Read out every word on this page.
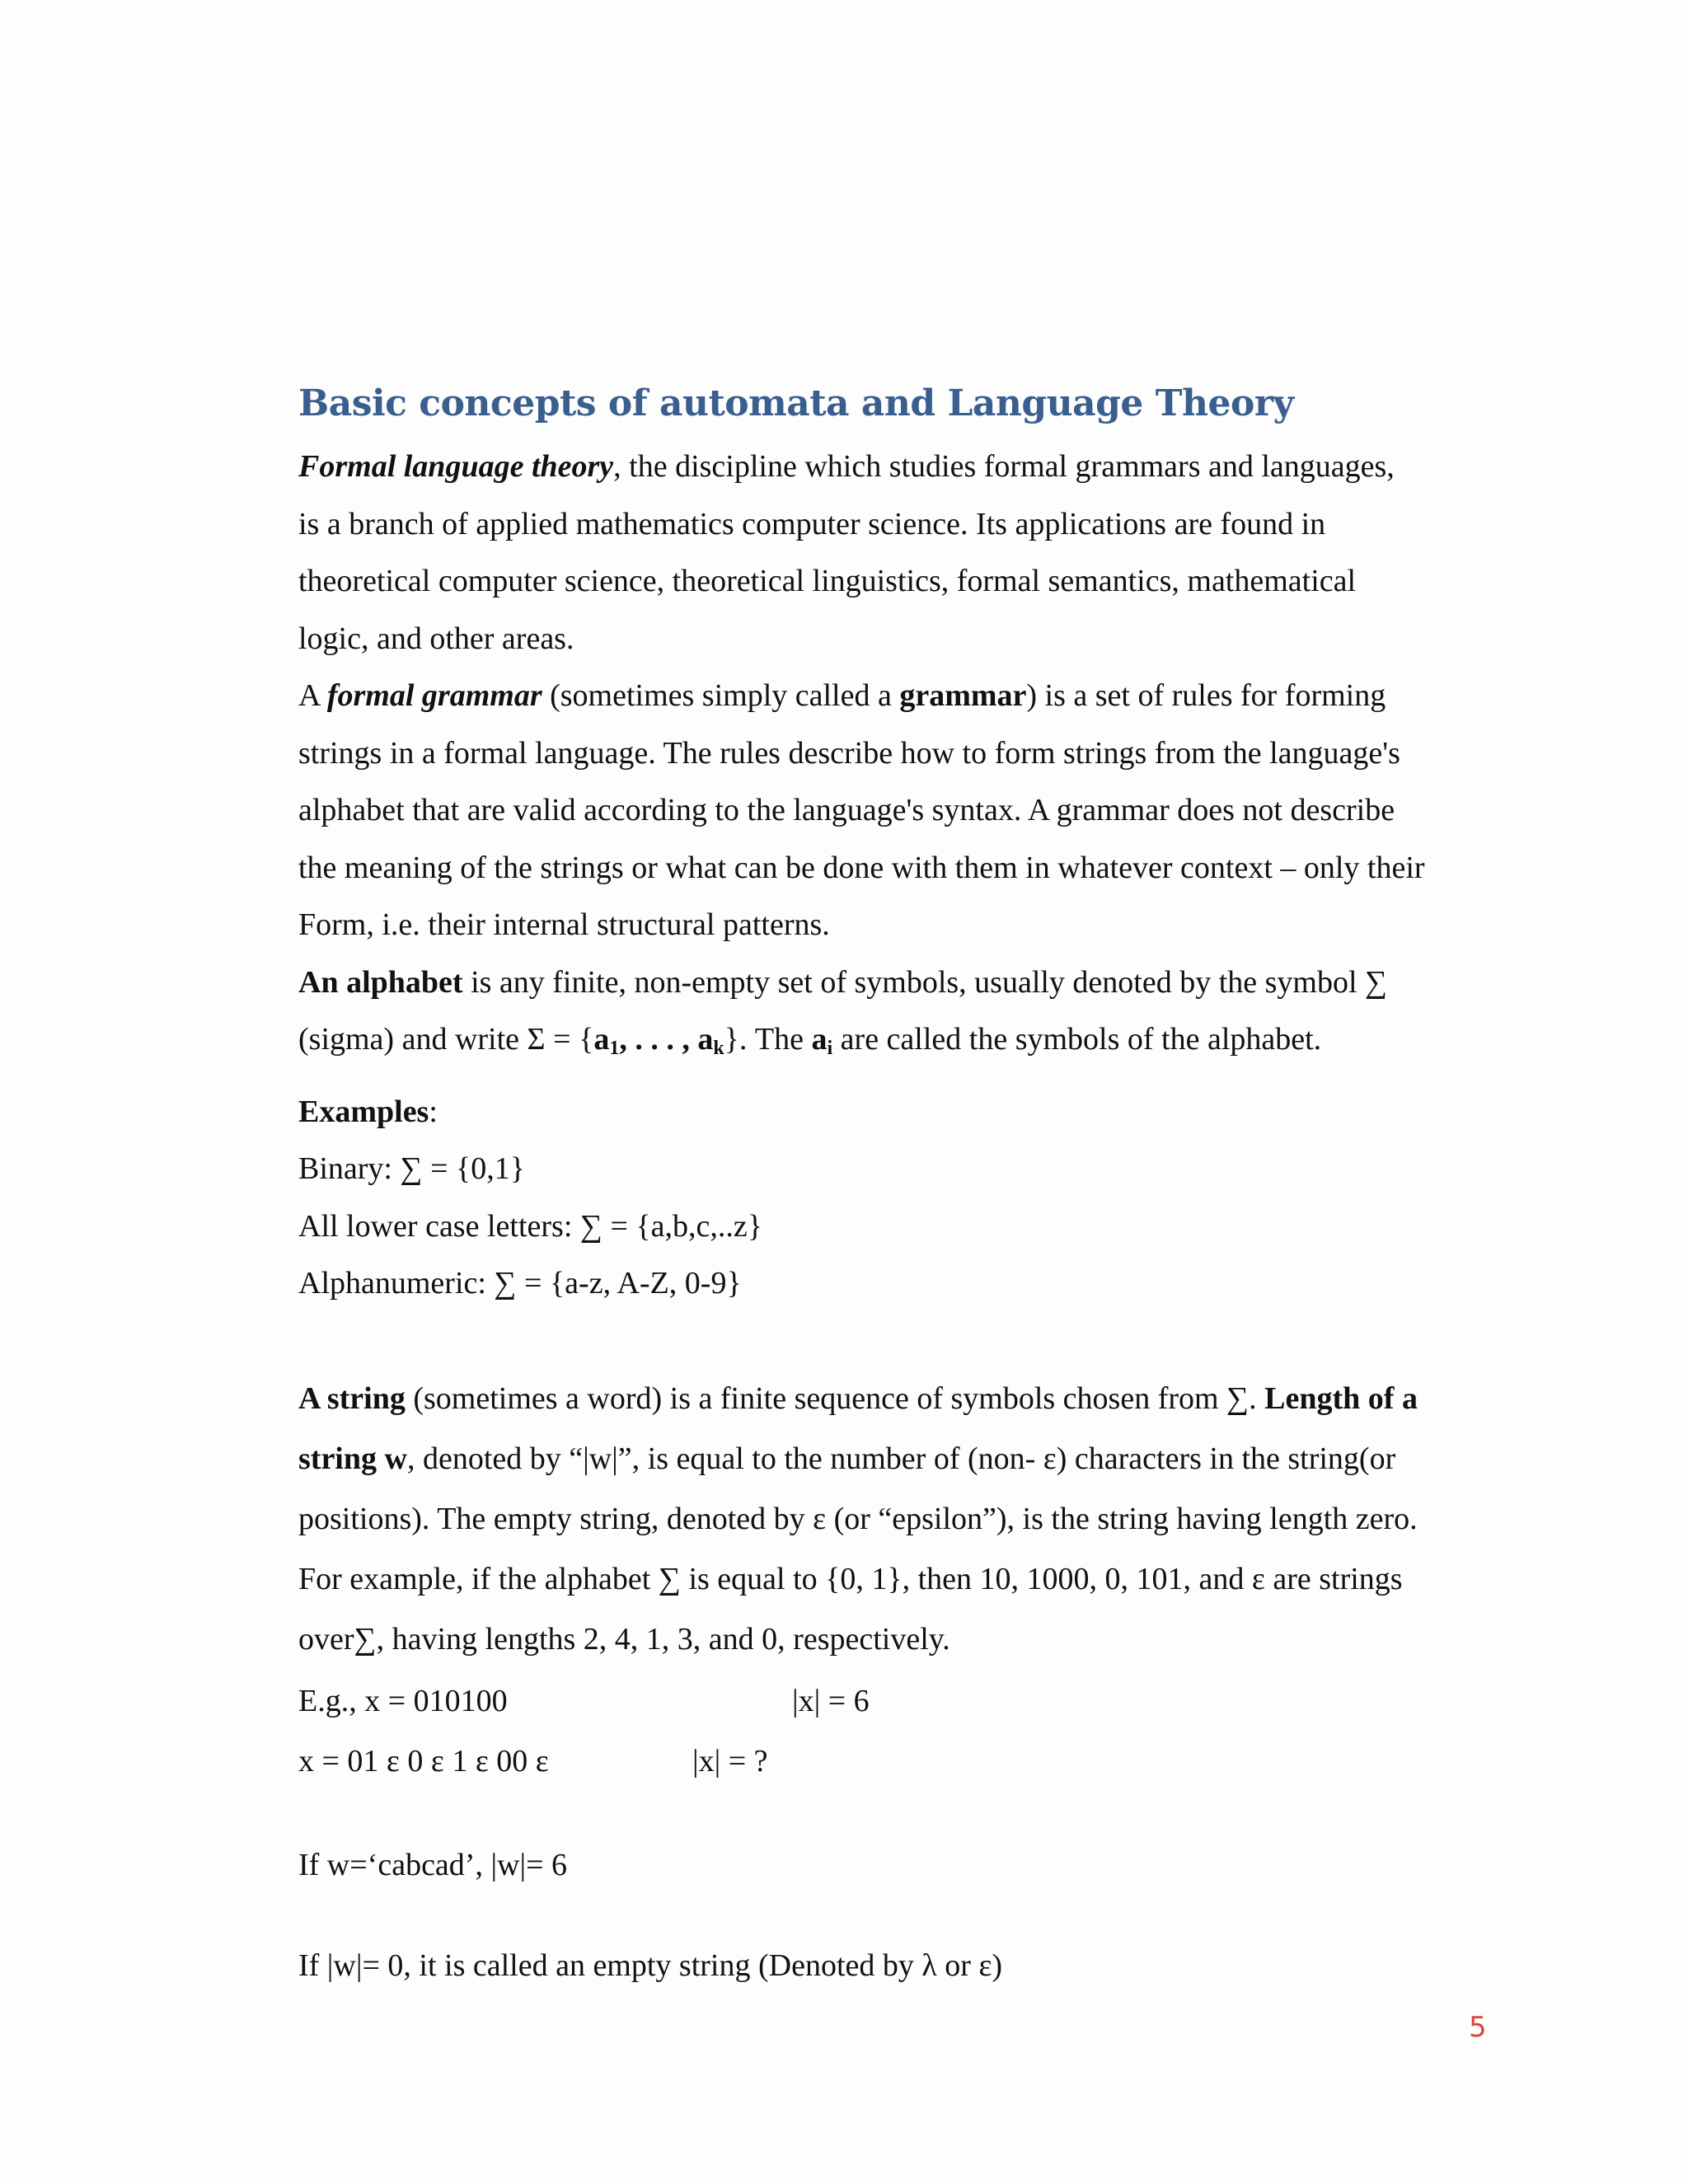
Basic concepts of automata and Language Theory
Formal language theory, the discipline which studies formal grammars and languages,
is a branch of applied mathematics computer science. Its applications are found in
theoretical computer science, theoretical linguistics, formal semantics, mathematical
logic, and other areas.
A formal grammar (sometimes simply called a grammar) is a set of rules for forming
strings in a formal language. The rules describe how to form strings from the language's
alphabet that are valid according to the language's syntax. A grammar does not describe
the meaning of the strings or what can be done with them in whatever context – only their
Form, i.e. their internal structural patterns.
An alphabet is any finite, non-empty set of symbols, usually denoted by the symbol ∑
(sigma) and write $\Sigma = \{a_1$, . . . , $a_k$}. The $a_i$ are called the symbols of the alphabet.
Examples:
Binary: ∑ = {0,1}
All lower case letters: ∑ = {a,b,c,..z}
Alphanumeric: ∑ = {a-z, A-Z, 0-9}
A string (sometimes a word) is a finite sequence of symbols chosen from ∑. Length of a
string w, denoted by “|w|”, is equal to the number of (non- ε) characters in the string(or
positions). The empty string, denoted by ε (or “epsilon”), is the string having length zero.
For example, if the alphabet ∑ is equal to {0, 1}, then 10, 1000, 0, 101, and ε are strings
over∑, having lengths 2, 4, 1, 3, and 0, respectively.
E.g., x = 010100	|x| = 6
x = 01 ε 0 ε 1 ε 00 ε	|x| = ?
If w=‘cabcad’, |w|= 6
If |w|= 0, it is called an empty string (Denoted by λ or ε)
5
